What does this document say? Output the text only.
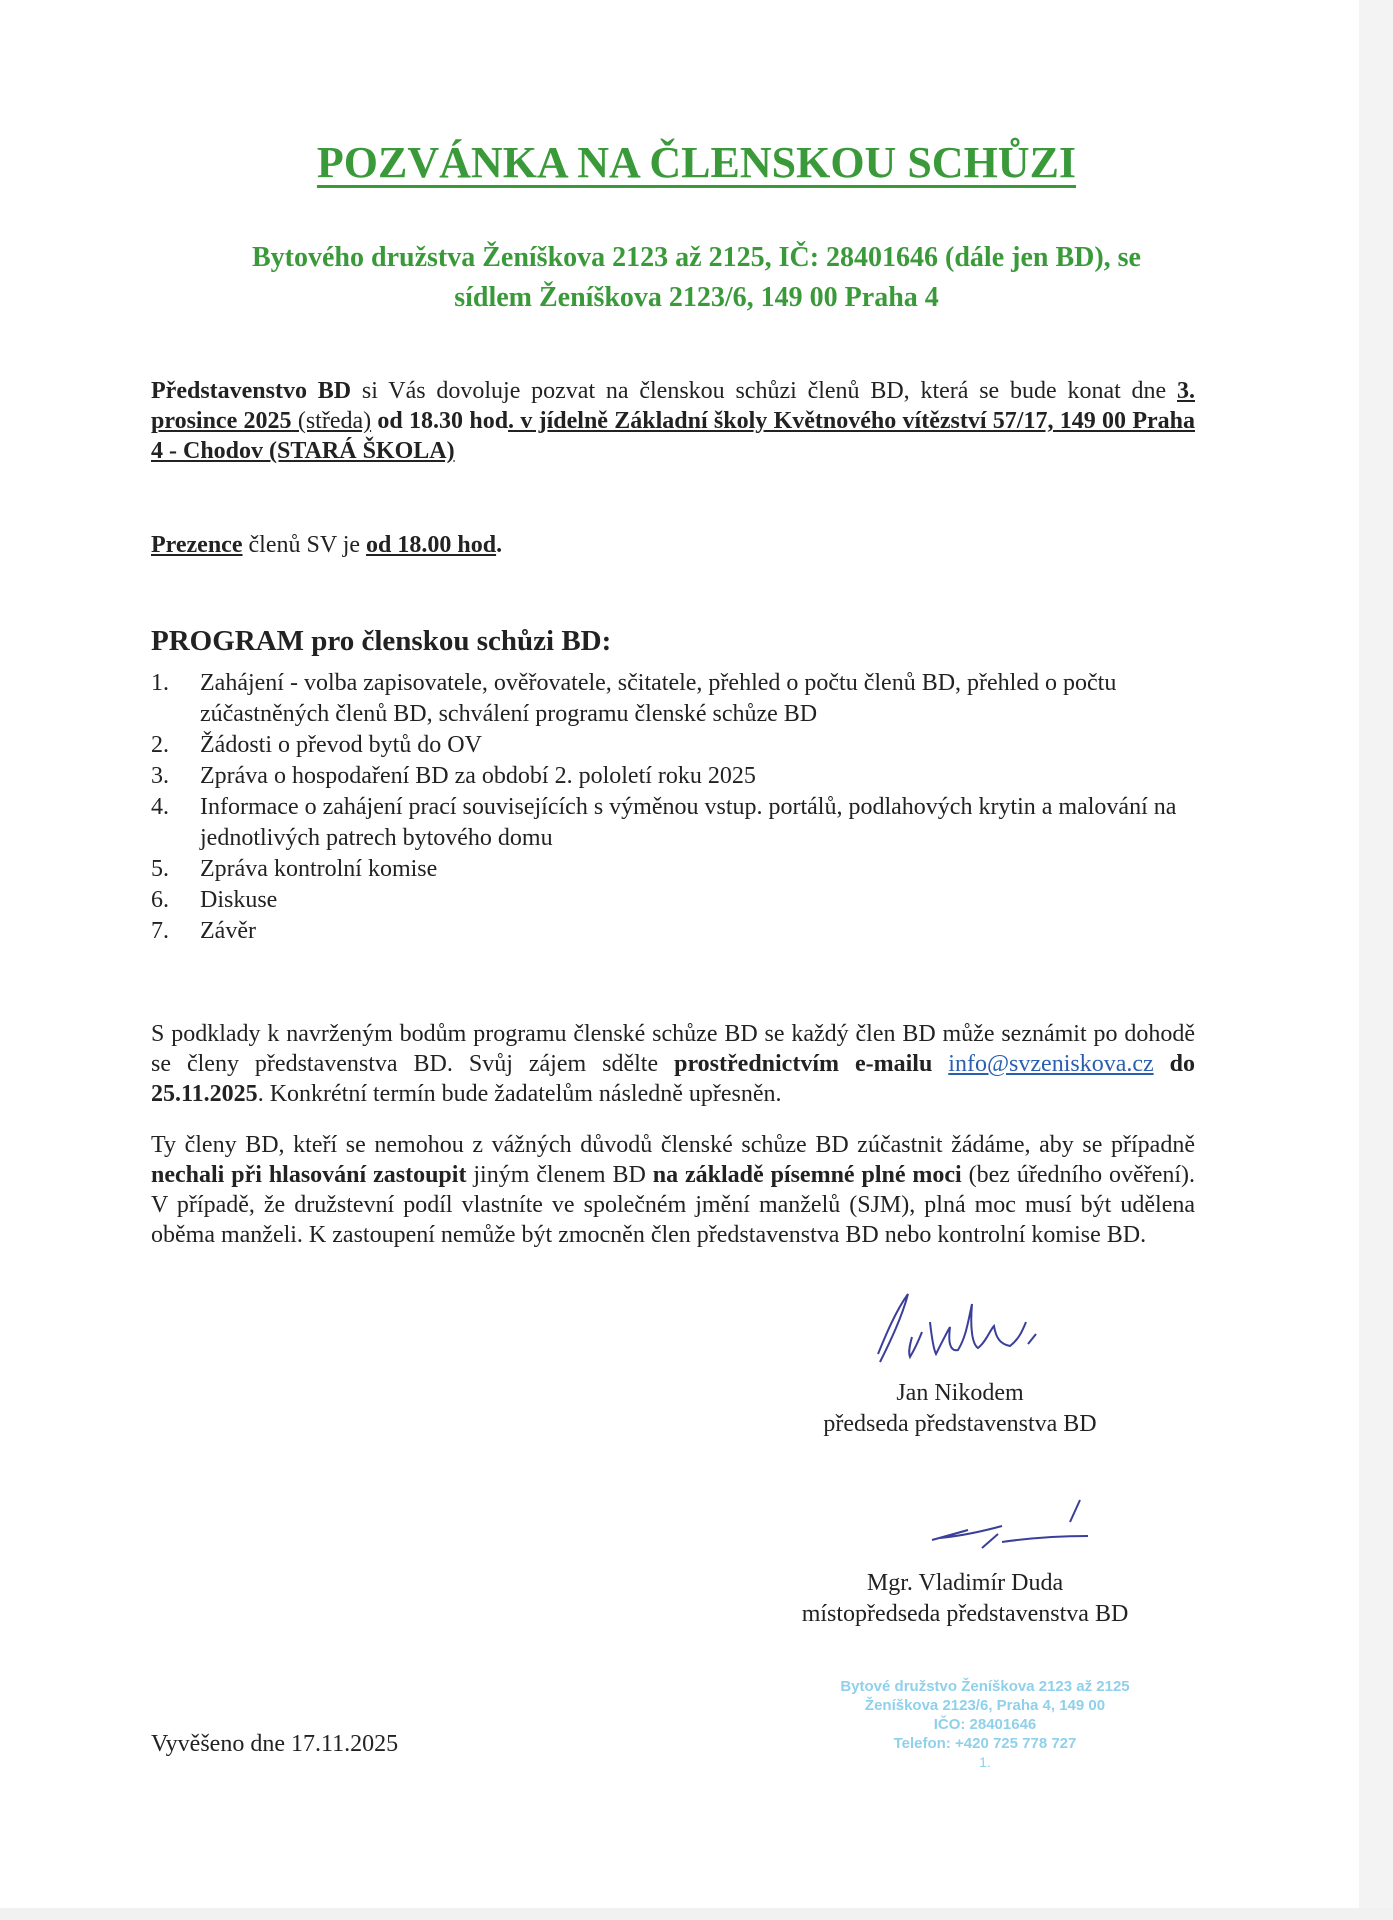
POZVÁNKA NA ČLENSKOU SCHŮZI
Bytového družstva Ženíškova 2123 až 2125, IČ: 28401646 (dále jen BD), se
sídlem Ženíškova 2123/6, 149 00 Praha 4
Představenstvo BD si Vás dovoluje pozvat na členskou schůzi členů BD, která se bude konat dne 3. prosince 2025 (středa) od 18.30 hod. v jídelně Základní školy Květnového vítězství 57/17, 149 00 Praha 4 - Chodov (STARÁ ŠKOLA)
Prezence členů SV je od 18.00 hod.
PROGRAM pro členskou schůzi BD:
1.	Zahájení - volba zapisovatele, ověřovatele, sčitatele, přehled o počtu členů BD, přehled o počtu zúčastněných členů BD, schválení programu členské schůze BD
2.	Žádosti o převod bytů do OV
3.	Zpráva o hospodaření BD za období 2. pololetí roku 2025
4.	Informace o zahájení prací souvisejících s výměnou vstup. portálů, podlahových krytin a malování na jednotlivých patrech bytového domu
5.	Zpráva kontrolní komise
6.	Diskuse
7.	Závěr
S podklady k navrženým bodům programu členské schůze BD se každý člen BD může seznámit po dohodě se členy představenstva BD. Svůj zájem sdělte prostřednictvím e-mailu info@svzeniskova.cz do 25.11.2025. Konkrétní termín bude žadatelům následně upřesněn.
Ty členy BD, kteří se nemohou z vážných důvodů členské schůze BD zúčastnit žádáme, aby se případně nechali při hlasování zastoupit jiným členem BD na základě písemné plné moci (bez úředního ověření). V případě, že družstevní podíl vlastníte ve společném jmění manželů (SJM), plná moc musí být udělena oběma manželi. K zastoupení nemůže být zmocněn člen představenstva BD nebo kontrolní komise BD.
Jan Nikodem
předseda představenstva BD
Mgr. Vladimír Duda
místopředseda představenstva BD
Vyvěšeno dne 17.11.2025
Bytové družstvo Ženíškova 2123 až 2125
Ženíškova 2123/6, Praha 4, 149 00
IČO: 28401646
Telefon: +420 725 778 727
1.
